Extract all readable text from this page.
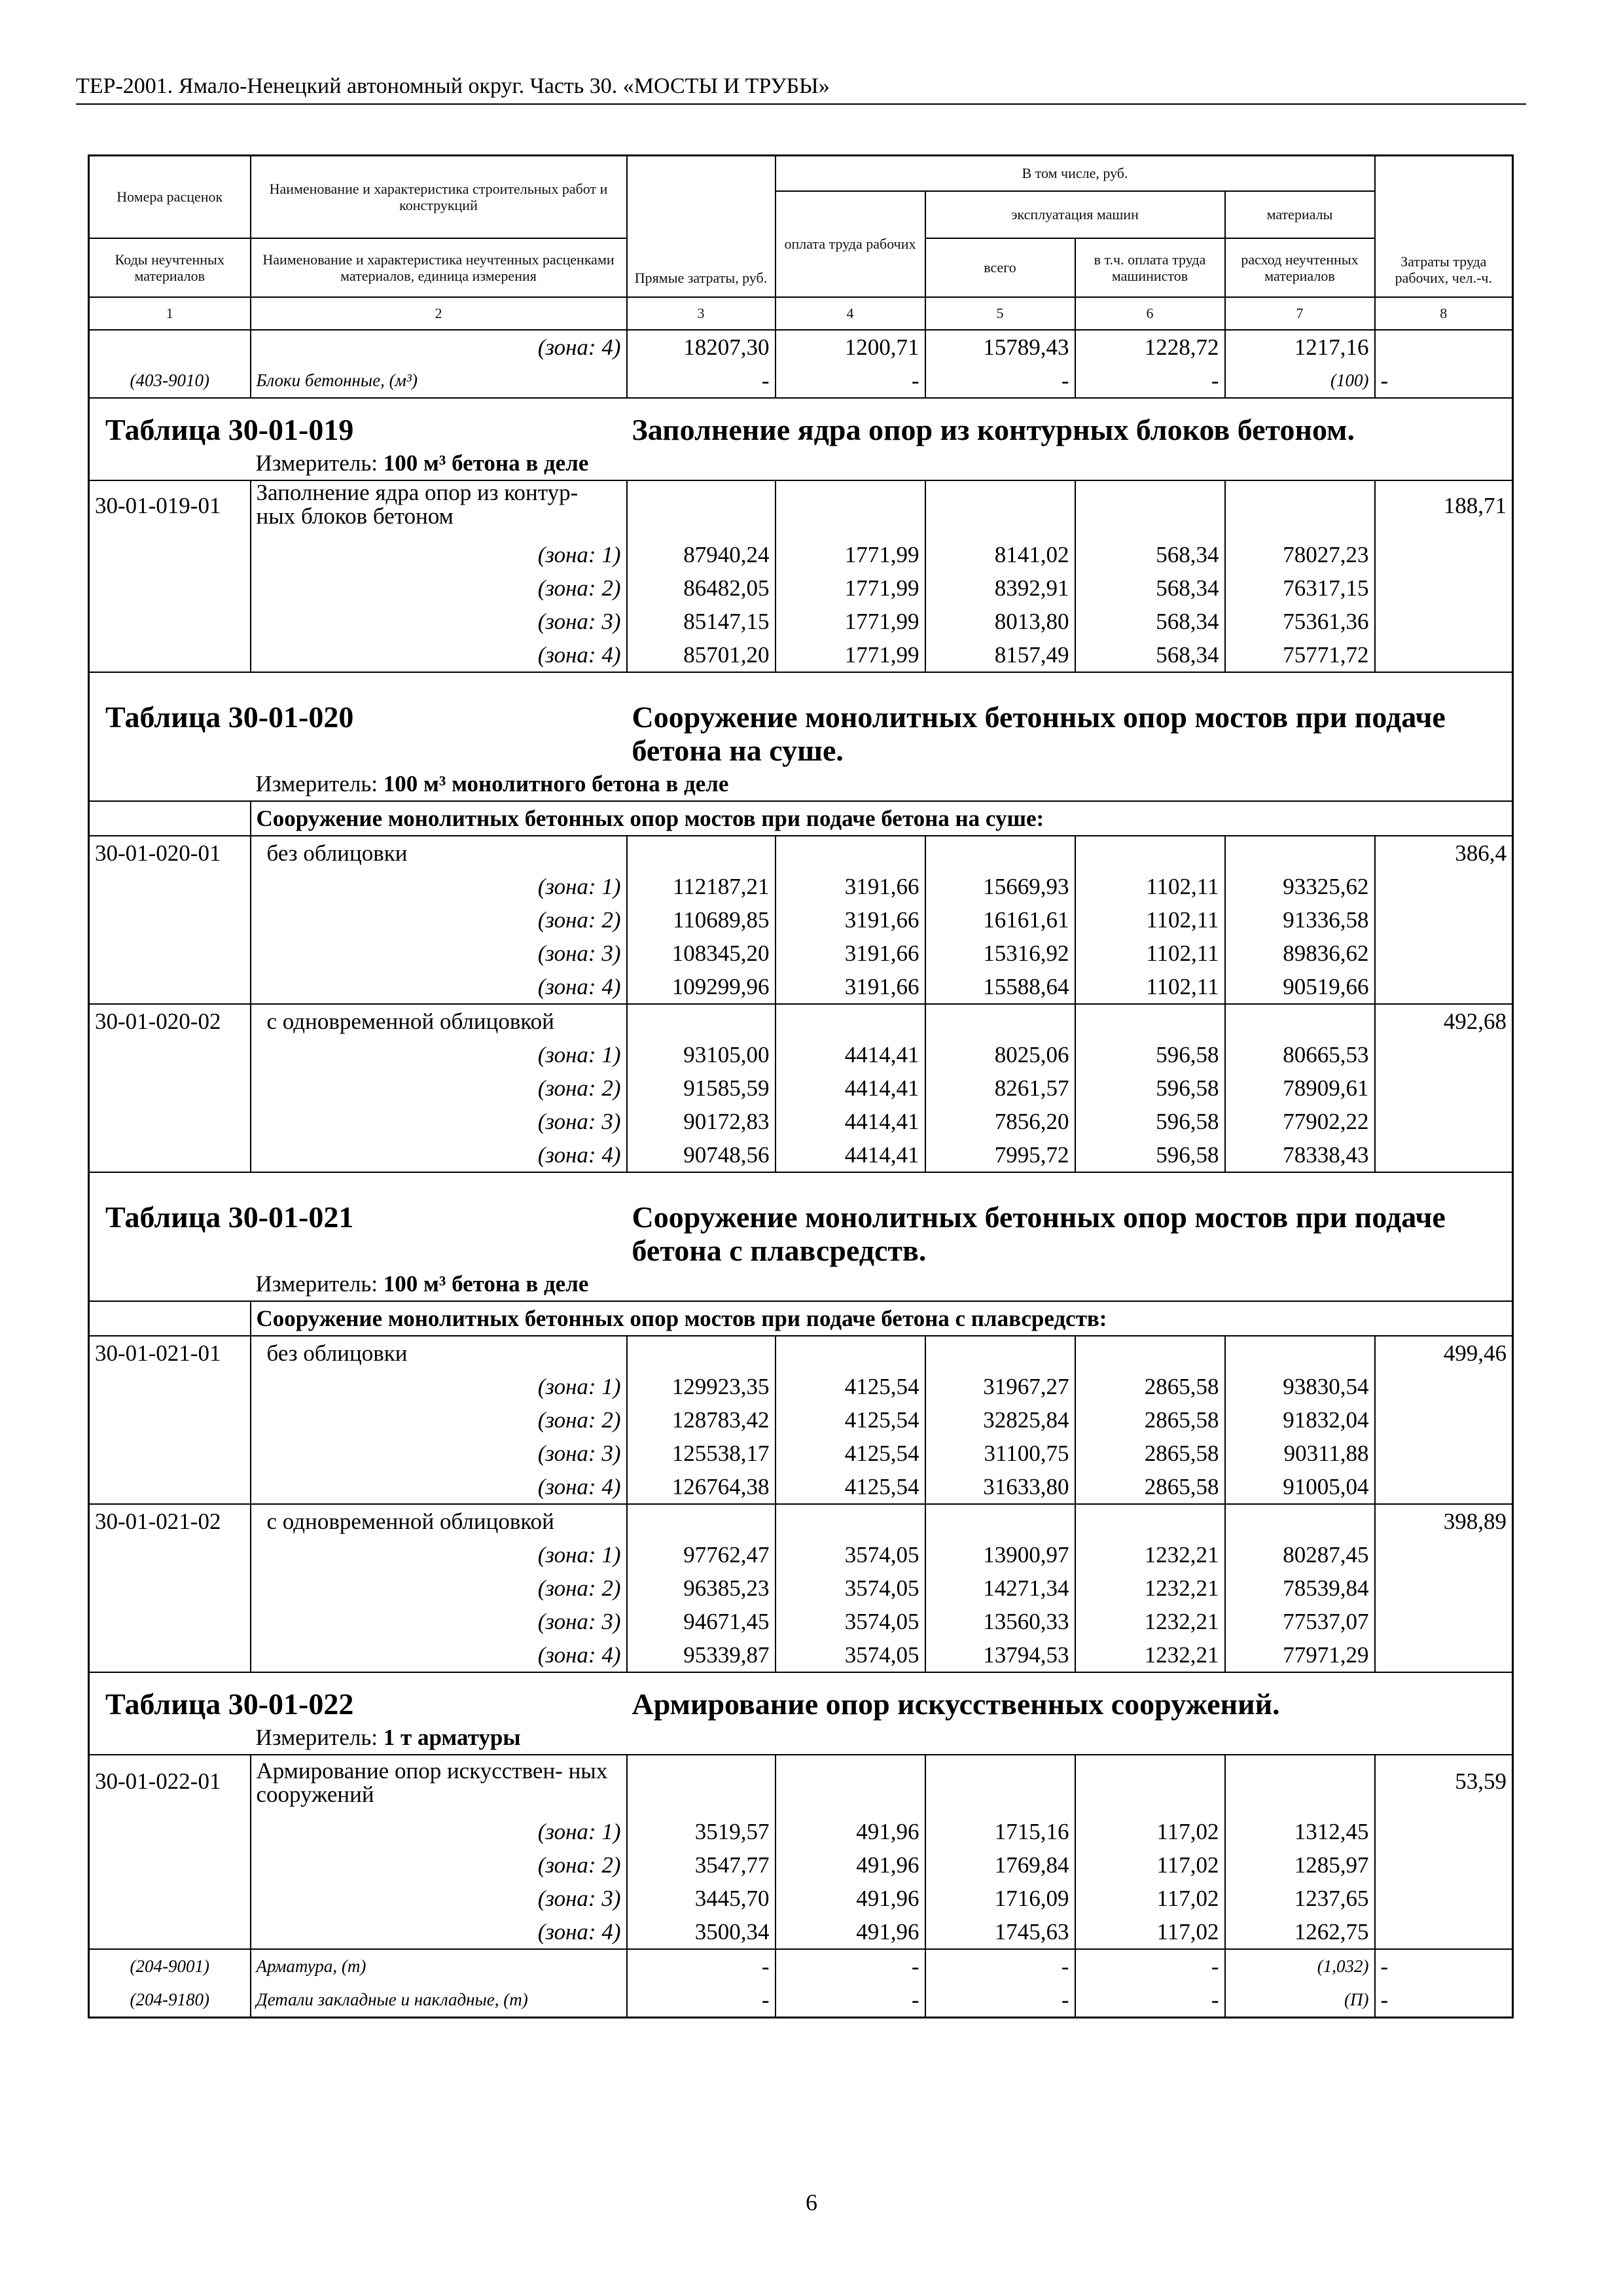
ТЕР-2001. Ямало-Ненецкий автономный округ. Часть 30. «МОСТЫ И ТРУБЫ»
Номера расценок	Наименование и характеристика строительных работ и конструкций	Прямые затраты, руб.	В том числе, руб.				Затраты труда рабочих, чел.-ч.
			оплата труда рабочих	эксплуатация машин		материалы	
Коды неучтенных материалов	Наименование и характеристика неучтенных расценками материалов, единица измерения			всего	в т.ч. оплата труда машинистов	расход неучтенных материалов	

1	2	3	4	5	6	7	8
	(зона: 4)	18207,30	1200,71	15789,43	1228,72	1217,16	
(403-9010)	Блоки бетонные, (м³)	-	-	-	-	(100)	-
Таблица 30-01-019		Заполнение ядра опор из контурных блоков бетоном.					
	Измеритель: 100 м³ бетона в деле						
30-01-019-01	Заполнение ядра опор из контур- ных блоков бетоном						188,71
	(зона: 1)	87940,24	1771,99	8141,02	568,34	78027,23	
	(зона: 2)	86482,05	1771,99	8392,91	568,34	76317,15	
	(зона: 3)	85147,15	1771,99	8013,80	568,34	75361,36	
	(зона: 4)	85701,20	1771,99	8157,49	568,34	75771,72	
Таблица 30-01-020		Сооружение монолитных бетонных опор мостов при подаче бетона на суше.					
	Измеритель: 100 м³ монолитного бетона в деле						
	Сооружение монолитных бетонных опор мостов при подаче бетона на суше:						
30-01-020-01	без облицовки						386,4
	(зона: 1)	112187,21	3191,66	15669,93	1102,11	93325,62	
	(зона: 2)	110689,85	3191,66	16161,61	1102,11	91336,58	
	(зона: 3)	108345,20	3191,66	15316,92	1102,11	89836,62	
	(зона: 4)	109299,96	3191,66	15588,64	1102,11	90519,66	
30-01-020-02	с одновременной облицовкой						492,68
	(зона: 1)	93105,00	4414,41	8025,06	596,58	80665,53	
	(зона: 2)	91585,59	4414,41	8261,57	596,58	78909,61	
	(зона: 3)	90172,83	4414,41	7856,20	596,58	77902,22	
	(зона: 4)	90748,56	4414,41	7995,72	596,58	78338,43	
Таблица 30-01-021		Сооружение монолитных бетонных опор мостов при подаче бетона с плавсредств.					
	Измеритель: 100 м³ бетона в деле						
	Сооружение монолитных бетонных опор мостов при подаче бетона с плавсредств:						
30-01-021-01	без облицовки						499,46
	(зона: 1)	129923,35	4125,54	31967,27	2865,58	93830,54	
	(зона: 2)	128783,42	4125,54	32825,84	2865,58	91832,04	
	(зона: 3)	125538,17	4125,54	31100,75	2865,58	90311,88	
	(зона: 4)	126764,38	4125,54	31633,80	2865,58	91005,04	
30-01-021-02	с одновременной облицовкой						398,89
	(зона: 1)	97762,47	3574,05	13900,97	1232,21	80287,45	
	(зона: 2)	96385,23	3574,05	14271,34	1232,21	78539,84	
	(зона: 3)	94671,45	3574,05	13560,33	1232,21	77537,07	
	(зона: 4)	95339,87	3574,05	13794,53	1232,21	77971,29	
Таблица 30-01-022		Армирование опор искусственных сооружений.					
	Измеритель: 1 т арматуры						
30-01-022-01	Армирование опор искусствен- ных сооружений						53,59
	(зона: 1)	3519,57	491,96	1715,16	117,02	1312,45	
	(зона: 2)	3547,77	491,96	1769,84	117,02	1285,97	
	(зона: 3)	3445,70	491,96	1716,09	117,02	1237,65	
	(зона: 4)	3500,34	491,96	1745,63	117,02	1262,75	
(204-9001)	Арматура, (т)	-	-	-	-	(1,032)	-
(204-9180)	Детали закладные и накладные, (т)	-	-	-	-	(П)	-
6
